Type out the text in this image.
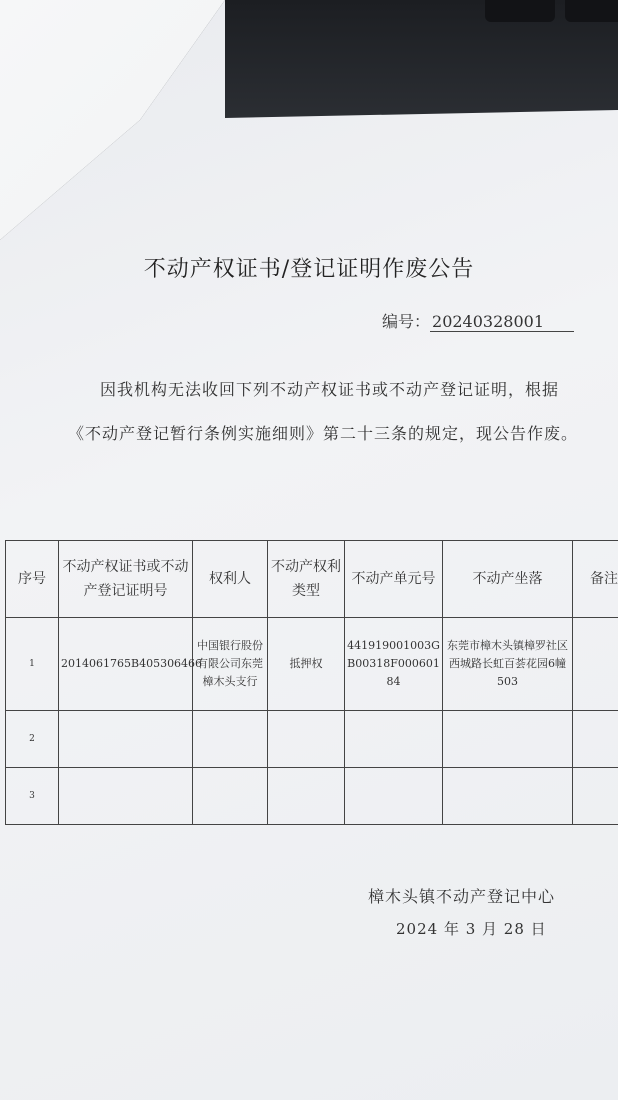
不动产权证书/登记证明作废公告
编号： 20240328001

因我机构无法收回下列不动产权证书或不动产登记证明，根据《不动产登记暂行条例实施细则》第二十三条的规定，现公告作废。

序号	不动产权证书或不动产登记证明号	权利人	不动产权利类型	不动产单元号	不动产坐落	备注
1	2014061765B405306466	中国银行股份有限公司东莞樟木头支行	抵押权	441919001003GB00318F00060184	东莞市樟木头镇樟罗社区西城路长虹百荟花园6幢503	
2						
3						
樟木头镇不动产登记中心
2024 年 3 月 28 日
